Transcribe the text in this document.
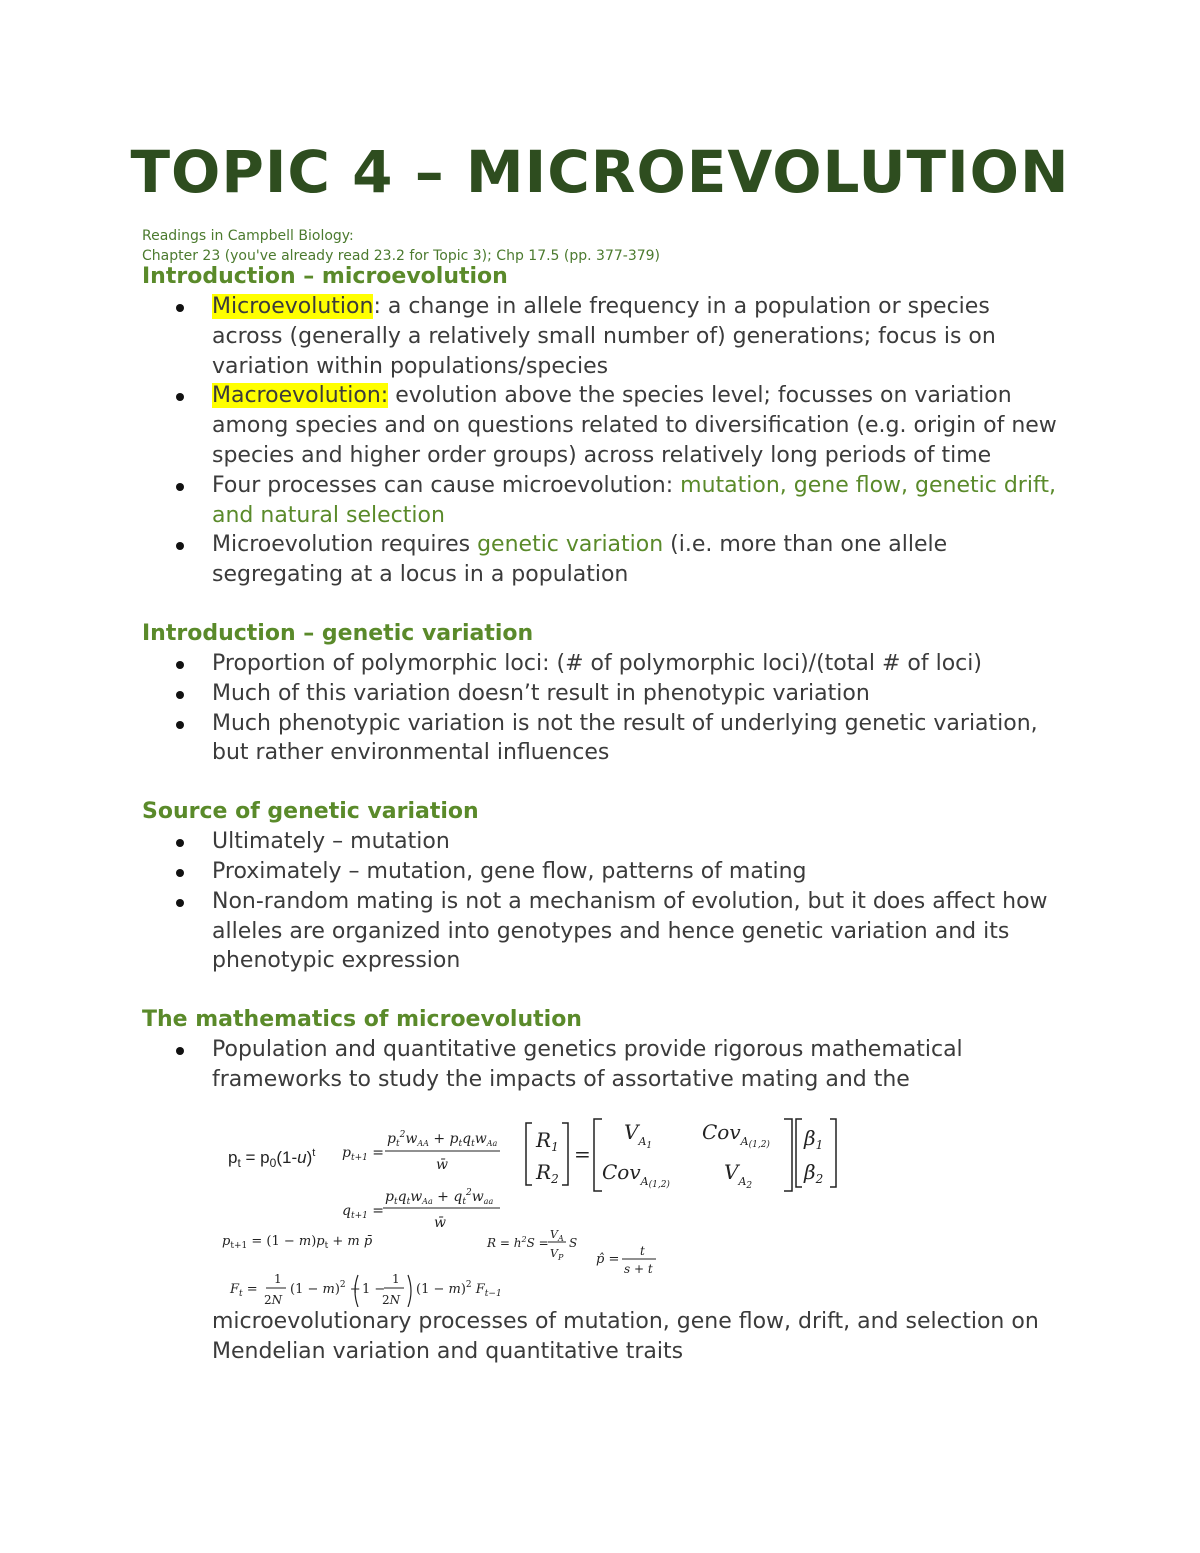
TOPIC 4 – MICROEVOLUTION
Readings in Campbell Biology:
Chapter 23 (you've already read 23.2 for Topic 3); Chp 17.5 (pp. 377-379)
Introduction – microevolution
Microevolution: a change in allele frequency in a population or species across (generally a relatively small number of) generations; focus is on variation within populations/species
Macroevolution: evolution above the species level; focusses on variation among species and on questions related to diversification (e.g. origin of new species and higher order groups) across relatively long periods of time
Four processes can cause microevolution: mutation, gene flow, genetic drift, and natural selection
Microevolution requires genetic variation (i.e. more than one allele segregating at a locus in a population
Introduction – genetic variation
Proportion of polymorphic loci: (# of polymorphic loci)/(total # of loci)
Much of this variation doesn’t result in phenotypic variation
Much phenotypic variation is not the result of underlying genetic variation, but rather environmental influences
Source of genetic variation
Ultimately – mutation
Proximately – mutation, gene flow, patterns of mating
Non-random mating is not a mechanism of evolution, but it does affect how alleles are organized into genotypes and hence genetic variation and its phenotypic expression
The mathematics of microevolution
Population and quantitative genetics provide rigorous mathematical frameworks to study the impacts of assortative mating and the
$p_t = p_0(1-u)^t$ $p_{t+1}$ =
$p_t^2w_{AA} + p_tq_tw_{Aa}$
w̄
$q_{t+1}$ =
$p_tq_tw_{Aa} + q_t^2w_{aa}$
w̄
$R_1$
$R_2$
=
$V_A1$
Cov$_A$(1,2)
Cov$_A$(1,2)
$V_A2$
$\beta_1$
$\beta_2$
$p_{t+1} = (1 - m)p_t + m$ p̄	$R = h^2S$ =
$V_A$
$V_P$
S
p̂ =
t
s + t
$F_t$ =
1
2N
$(1 - m)^2 + 1$ −
1
2N
$(1 - m)^2$ $F_{t-1}$
microevolutionary processes of mutation, gene flow, drift, and selection on Mendelian variation and quantitative traits
